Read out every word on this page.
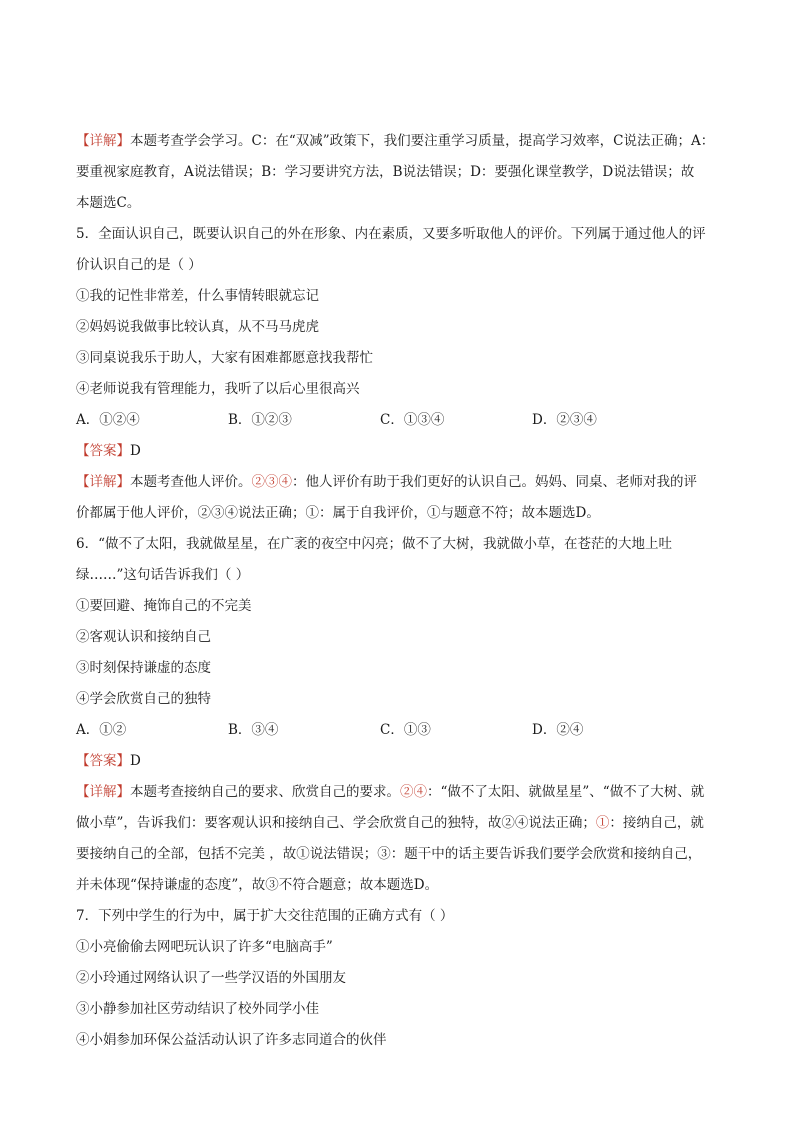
【详解】本题考查学会学习。C：在“双减”政策下，我们要注重学习质量，提高学习效率，C说法正确；A：
要重视家庭教育，A说法错误；B：学习要讲究方法，B说法错误；D：要强化课堂教学，D说法错误；故
本题选C。
5．全面认识自己，既要认识自己的外在形象、内在素质，又要多听取他人的评价。下列属于通过他人的评
价认识自己的是（ ）
①我的记性非常差，什么事情转眼就忘记
②妈妈说我做事比较认真，从不马马虎虎
③同桌说我乐于助人，大家有困难都愿意找我帮忙
④老师说我有管理能力，我听了以后心里很高兴
A．①②④	B．①②③	C．①③④	D．②③④
【答案】D
【详解】本题考查他人评价。②③④：他人评价有助于我们更好的认识自己。妈妈、同桌、老师对我的评
价都属于他人评价，②③④说法正确；①：属于自我评价，①与题意不符；故本题选D。
6．“做不了太阳，我就做星星，在广袤的夜空中闪亮；做不了大树，我就做小草，在苍茫的大地上吐
绿……”这句话告诉我们（ ）
①要回避、掩饰自己的不完美
②客观认识和接纳自己
③时刻保持谦虚的态度
④学会欣赏自己的独特
A．①②	B．③④	C．①③	D．②④
【答案】D
【详解】本题考查接纳自己的要求、欣赏自己的要求。②④：“做不了太阳、就做星星”、“做不了大树、就
做小草”，告诉我们：要客观认识和接纳自己、学会欣赏自己的独特，故②④说法正确；①：接纳自己，就
要接纳自己的全部，包括不完美 ，故①说法错误；③：题干中的话主要告诉我们要学会欣赏和接纳自己，
并未体现“保持谦虚的态度”，故③不符合题意；故本题选D。
7．下列中学生的行为中，属于扩大交往范围的正确方式有（ ）
①小亮偷偷去网吧玩认识了许多“电脑高手”
②小玲通过网络认识了一些学汉语的外国朋友
③小静参加社区劳动结识了校外同学小佳
④小娟参加环保公益活动认识了许多志同道合的伙伴
